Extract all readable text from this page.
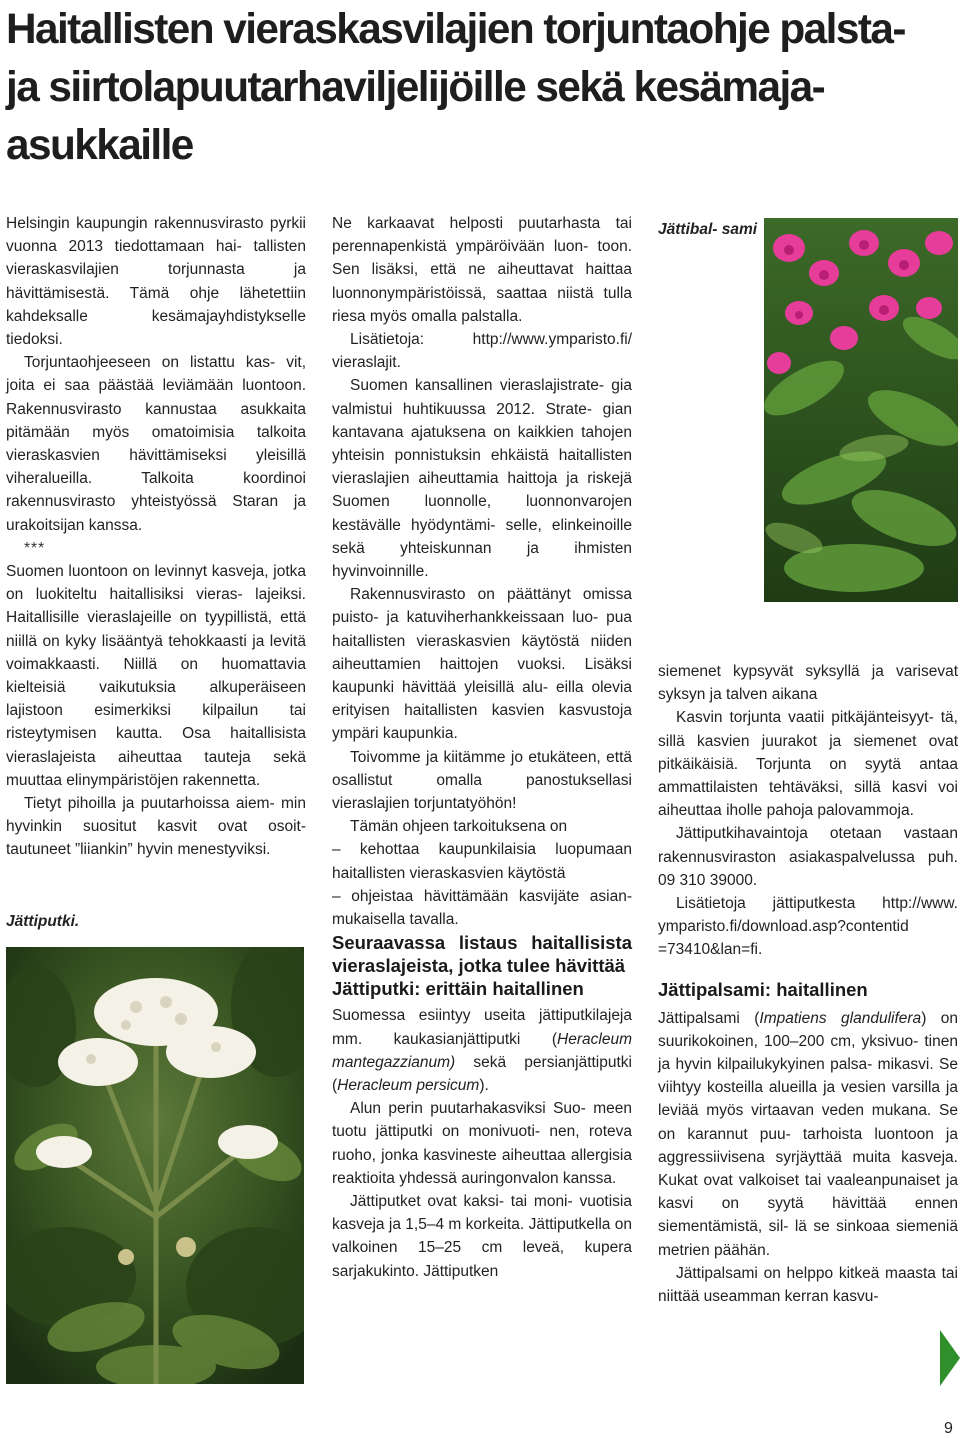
Haitallisten vieraskasvilajien torjuntaohje palsta- ja siirtolapuutarhaviljelijöille sekä kesämaja- asukkaille

Helsingin kaupungin rakennusvirasto pyrkii vuonna 2013 tiedottamaan hai- tallisten vieraskasvilajien torjunnasta ja hävittämisestä. Tämä ohje lähetettiin kahdeksalle kesämajayhdistykselle tiedoksi.

Torjuntaohjeeseen on listattu kas- vit, joita ei saa päästää leviämään luontoon. Rakennusvirasto kannustaa asukkaita pitämään myös omatoimisia talkoita vieraskasvien hävittämiseksi yleisillä viheralueilla. Talkoita koordinoi rakennusvirasto yhteistyössä Staran ja urakoitsijan kanssa.

***

Suomen luontoon on levinnyt kasveja, jotka on luokiteltu haitallisiksi vieras- lajeiksi. Haitallisille vieraslajeille on tyypillistä, että niillä on kyky lisääntyä tehokkaasti ja levitä voimakkaasti. Niillä on huomattavia kielteisiä vaikutuksia alkuperäiseen lajistoon esimerkiksi kilpailun tai risteytymisen kautta. Osa haitallisista vieraslajeista aiheuttaa tauteja sekä muuttaa elinympäristöjen rakennetta.

Tietyt pihoilla ja puutarhoissa aiem- min hyvinkin suositut kasvit ovat osoit- tautuneet ”liiankin” hyvin menestyviksi.

Jättiputki.

Ne karkaavat helposti puutarhasta tai perennapenkistä ympäröivään luon- toon. Sen lisäksi, että ne aiheuttavat haittaa luonnonympäristöissä, saattaa niistä tulla riesa myös omalla palstalla.

Lisätietoja: http://www.ymparisto.fi/ vieraslajit.

Suomen kansallinen vieraslajistrate- gia valmistui huhtikuussa 2012. Strate- gian kantavana ajatuksena on kaikkien tahojen yhteisin ponnistuksin ehkäistä haitallisten vieraslajien aiheuttamia haittoja ja riskejä Suomen luonnolle, luonnonvarojen kestävälle hyödyntämi- selle, elinkeinoille sekä yhteiskunnan ja ihmisten hyvinvoinnille.

Rakennusvirasto on päättänyt omissa puisto- ja katuviherhankkeissaan luo- pua haitallisten vieraskasvien käytöstä niiden aiheuttamien haittojen vuoksi. Lisäksi kaupunki hävittää yleisillä alu- eilla olevia erityisen haitallisten kasvien kasvustoja ympäri kaupunkia.

Toivomme ja kiitämme jo etukäteen, että osallistut omalla panostuksellasi vieraslajien torjuntatyöhön!

Tämän ohjeen tarkoituksena on

– kehottaa kaupunkilaisia luopumaan haitallisten vieraskasvien käytöstä

– ohjeistaa hävittämään kasvijäte asian- mukaisella tavalla.

Seuraavassa listaus haitallisista vieraslajeista, jotka tulee hävittää

Jättiputki: erittäin haitallinen

Suomessa esiintyy useita jättiputkilajeja mm. kaukasianjättiputki (Heracleum mantegazzianum) sekä persianjättiputki (Heracleum persicum).

Alun perin puutarhakasviksi Suo- meen tuotu jättiputki on monivuoti- nen, roteva ruoho, jonka kasvineste aiheuttaa allergisia reaktioita yhdessä auringonvalon kanssa.

Jättiputket ovat kaksi- tai moni- vuotisia kasveja ja 1,5–4 m korkeita. Jättiputkella on valkoinen 15–25 cm leveä, kupera sarjakukinto. Jättiputken

Jättibal- sami

siemenet kypsyvät syksyllä ja varisevat syksyn ja talven aikana

Kasvin torjunta vaatii pitkäjänteisyyt- tä, sillä kasvien juurakot ja siemenet ovat pitkäikäisiä. Torjunta on syytä antaa ammattilaisten tehtäväksi, sillä kasvi voi aiheuttaa iholle pahoja palovammoja.

Jättiputkihavaintoja otetaan vastaan rakennusviraston asiakaspalvelussa puh. 09 310 39000.

Lisätietoja jättiputkesta http://www. ymparisto.fi/download.asp?contentid =73410&lan=fi.

Jättipalsami: haitallinen

Jättipalsami (Impatiens glandulifera) on suurikokoinen, 100–200 cm, yksivuo- tinen ja hyvin kilpailukykyinen palsa- mikasvi. Se viihtyy kosteilla alueilla ja vesien varsilla ja leviää myös virtaavan veden mukana. Se on karannut puu- tarhoista luontoon ja aggressiivisena syrjäyttää muita kasveja. Kukat ovat valkoiset tai vaaleanpunaiset ja kasvi on syytä hävittää ennen siementämistä, sil- lä se sinkoaa siemeniä metrien päähän.

Jättipalsami on helppo kitkeä maasta tai niittää useamman kerran kasvu-

9
